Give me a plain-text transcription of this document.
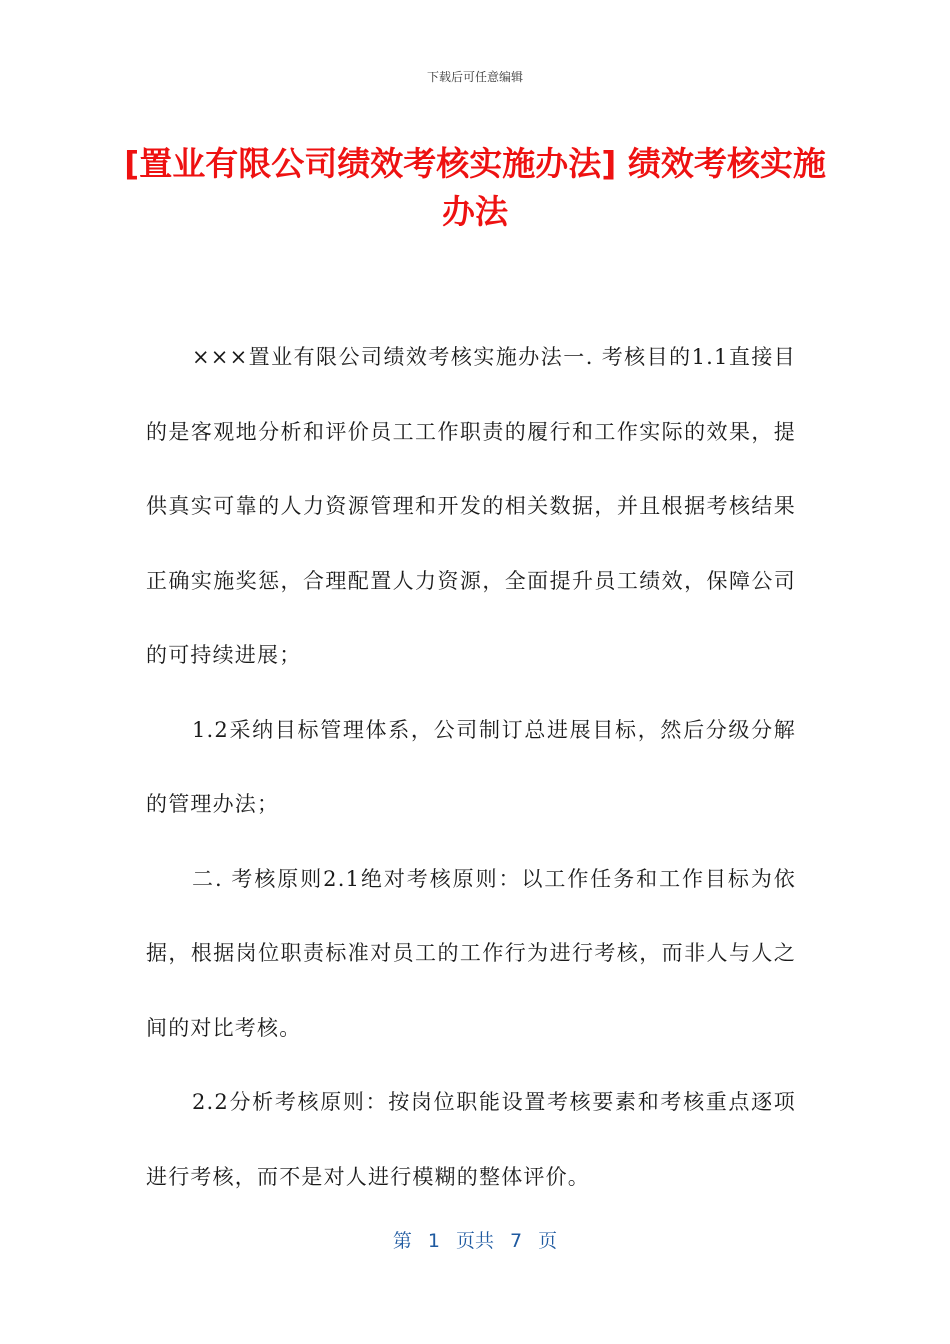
下载后可任意编辑
[置业有限公司绩效考核实施办法] 绩效考核实施办法

×××置业有限公司绩效考核实施办法一. 考核目的1.1直接目的是客观地分析和评价员工工作职责的履行和工作实际的效果，提供真实可靠的人力资源管理和开发的相关数据，并且根据考核结果正确实施奖惩，合理配置人力资源，全面提升员工绩效，保障公司的可持续进展；

1.2采纳目标管理体系，公司制订总进展目标，然后分级分解的管理办法；

二. 考核原则2.1绝对考核原则：以工作任务和工作目标为依据，根据岗位职责标准对员工的工作行为进行考核，而非人与人之间的对比考核。

2.2分析考核原则：按岗位职能设置考核要素和考核重点逐项进行考核，而不是对人进行模糊的整体评价。

第 1 页共 7 页
